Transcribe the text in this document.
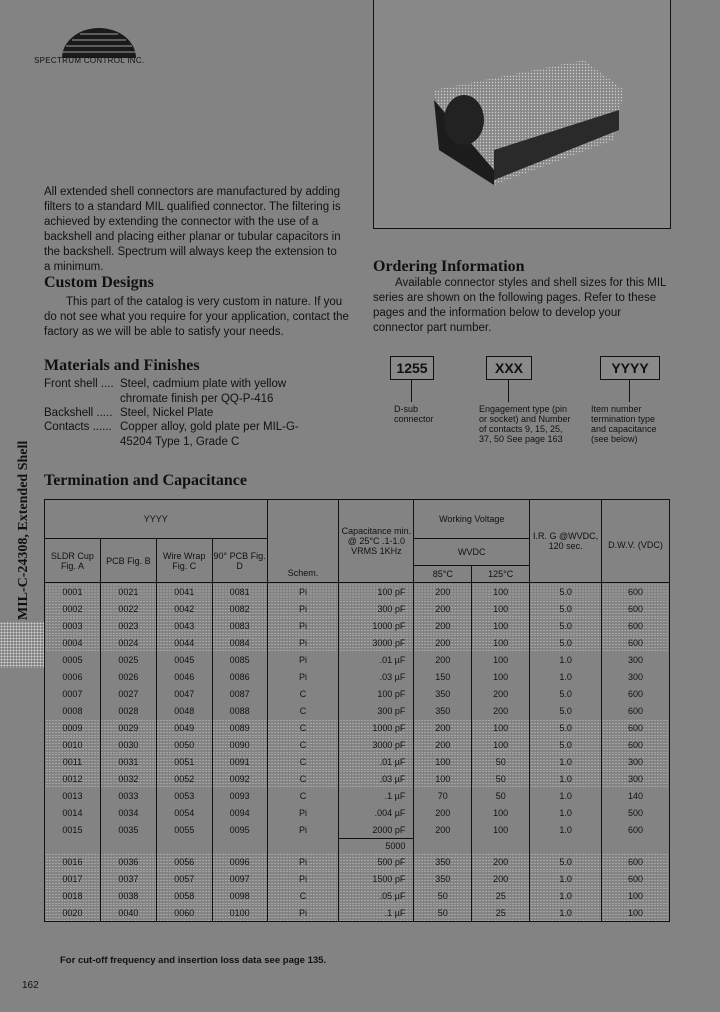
SPECTRUM CONTROL INC.
All extended shell connectors are manufactured by adding filters to a standard MIL qualified connector. The filtering is achieved by extending the connector with the use of a backshell and placing either planar or tubular capacitors in the backshell. Spectrum will always keep the extension to a minimum.
Custom Designs
This part of the catalog is very custom in nature. If you do not see what you require for your application, contact the factory as we will be able to satisfy your needs.
Materials and Finishes
Front shell .... Steel, cadmium plate with yellow chromate finish per QQ-P-416
Backshell ..... Steel, Nickel Plate
Contacts ...... Copper alloy, gold plate per MIL-G-45204 Type 1, Grade C
Ordering Information
Available connector styles and shell sizes for this MIL series are shown on the following pages. Refer to these pages and the information below to develop your connector part number.
1255	XXX	YYYY
D-sub connector
Engagement type (pin or socket) and Number of contacts 9, 15, 25, 37, 50 See page 163
Item number termination type and capacitance (see below)
MIL-C-24308, Extended Shell Termination and Capacitance
YYYY				Schem.	Capacitance min. @ 25°C .1-1.0 VRMS 1KHz	Working Voltage		I.R. G @WVDC, 120 sec.	D.W.V. (VDC)
SLDR Cup Fig. A	PCB Fig. B	Wire Wrap Fig. C	90° PCB Fig. D			WVDC			
						85°C	125°C		
0001	0021	0041	0081	Pi	100 pF	200	100	5.0	600
0002	0022	0042	0082	Pi	300 pF	200	100	5.0	600
0003	0023	0043	0083	Pi	1000 pF	200	100	5.0	600
0004	0024	0044	0084	Pi	3000 pF	200	100	5.0	600
0005	0025	0045	0085	Pi	.01 µF	200	100	1.0	300
0006	0026	0046	0086	Pi	.03 µF	150	100	1.0	300
0007	0027	0047	0087	C	100 pF	350	200	5.0	600
0008	0028	0048	0088	C	300 pF	350	200	5.0	600
0009	0029	0049	0089	C	1000 pF	200	100	5.0	600
0010	0030	0050	0090	C	3000 pF	200	100	5.0	600
0011	0031	0051	0091	C	.01 µF	100	50	1.0	300
0012	0032	0052	0092	C	.03 µF	100	50	1.0	300
0013	0033	0053	0093	C	.1 µF	70	50	1.0	140
0014	0034	0054	0094	Pi	.004 µF	200	100	1.0	500
0015	0035	0055	0095	Pi	2000 pF	200	100	1.0	600
					5000				
0016	0036	0056	0096	Pi	500 pF	350	200	5.0	600
0017	0037	0057	0097	Pi	1500 pF	350	200	1.0	600
0018	0038	0058	0098	C	.05 µF	50	25	1.0	100
0020	0040	0060	0100	Pi	.1 µF	50	25	1.0	100
For cut-off frequency and insertion loss data see page 135.
162
